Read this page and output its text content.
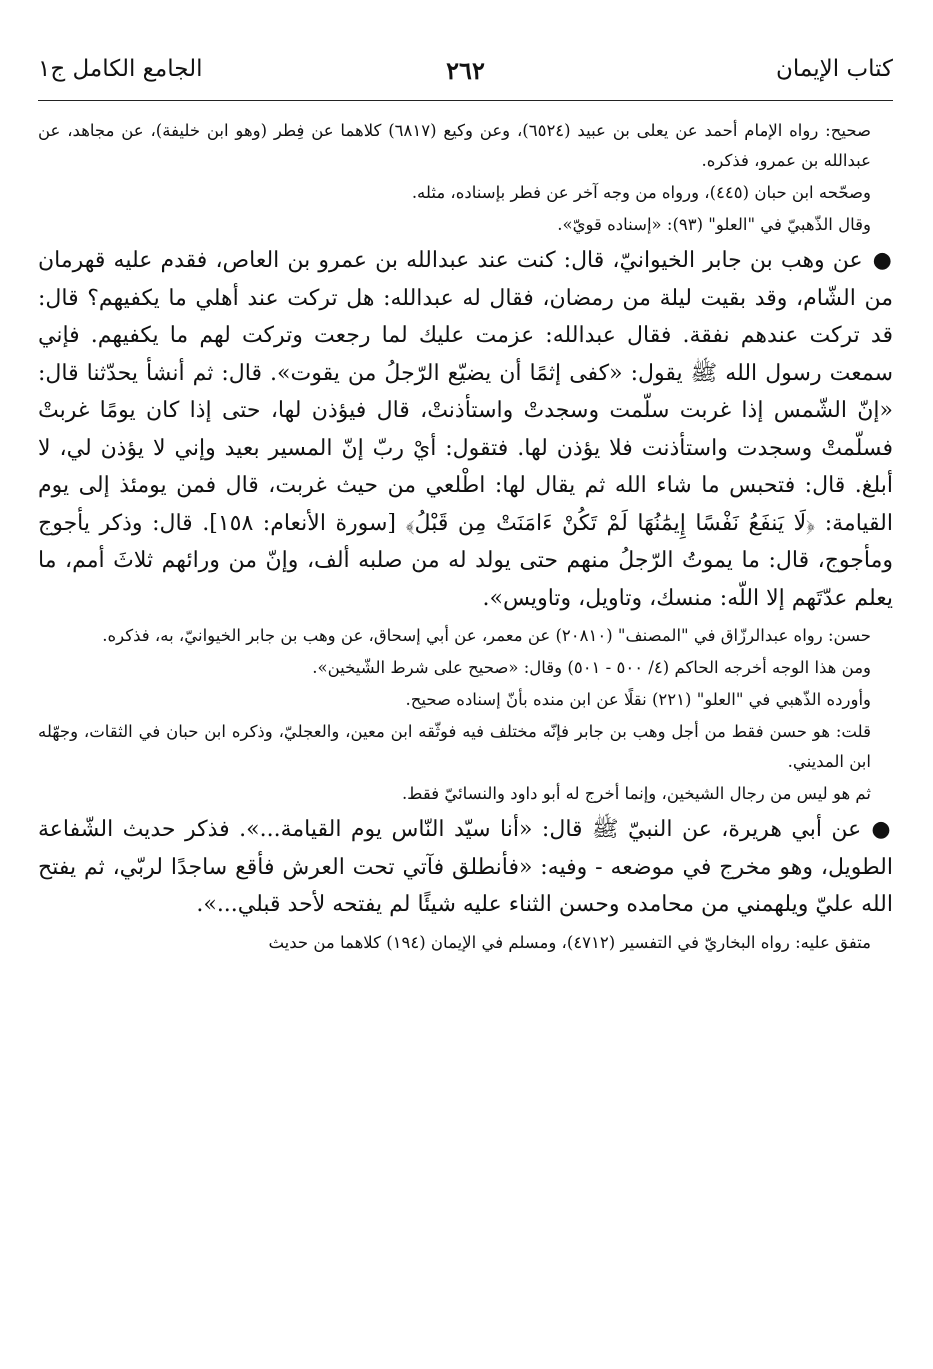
كتاب الإيمان
٢٦٢
الجامع الكامل ج١

صحيح: رواه الإمام أحمد عن يعلى بن عبيد (٦٥٢٤)، وعن وكيع (٦٨١٧) كلاهما عن فِطر (وهو ابن خليفة)، عن مجاهد، عن عبدالله بن عمرو، فذكره.

وصحّحه ابن حبان (٤٤٥)، ورواه من وجه آخر عن فطر بإسناده، مثله.

وقال الذّهبيّ في "العلو" (٩٣): «إسناده قويّ».

●عن وهب بن جابر الخيوانيّ، قال: كنت عند عبدالله بن عمرو بن العاص، فقدم عليه قهرمان من الشّام، وقد بقيت ليلة من رمضان، فقال له عبدالله: هل تركت عند أهلي ما يكفيهم؟ قال: قد تركت عندهم نفقة. فقال عبدالله: عزمت عليك لما رجعت وتركت لهم ما يكفيهم. فإني سمعت رسول الله ﷺ يقول: «كفى إثمًا أن يضيّع الرّجلُ من يقوت». قال: ثم أنشأ يحدّثنا قال: «إنّ الشّمس إذا غربت سلّمت وسجدتْ واستأذنتْ، قال فيؤذن لها، حتى إذا كان يومًا غربتْ فسلّمتْ وسجدت واستأذنت فلا يؤذن لها. فتقول: أيْ ربّ إنّ المسير بعيد وإني لا يؤذن لي، لا أبلغ. قال: فتحبس ما شاء الله ثم يقال لها: اطْلعي من حيث غربت، قال فمن يومئذ إلى يوم القيامة: ﴿لَا يَنفَعُ نَفْسًا إِيمَٰنُهَا لَمْ تَكُنْ ءَامَنَتْ مِن قَبْلُ﴾ [سورة الأنعام: ١٥٨]. قال: وذكر يأجوج ومأجوج، قال: ما يموتُ الرّجلُ منهم حتى يولد له من صلبه ألف، وإنّ من ورائهم ثلاثَ أمم، ما يعلم عدّتَهم إلا اللّه: منسك، وتاويل، وتاويس».

حسن: رواه عبدالرزّاق في "المصنف" (٢٠٨١٠) عن معمر، عن أبي إسحاق، عن وهب بن جابر الخيوانيّ، به، فذكره.

ومن هذا الوجه أخرجه الحاكم (٤/ ٥٠٠ - ٥٠١) وقال: «صحيح على شرط الشّيخين».

وأورده الذّهبي في "العلو" (٢٢١) نقلًا عن ابن منده بأنّ إسناده صحيح.

قلت: هو حسن فقط من أجل وهب بن جابر فإنّه مختلف فيه فوثّقه ابن معين، والعجليّ، وذكره ابن حبان في الثقات، وجهّله ابن المديني.

ثم هو ليس من رجال الشيخين، وإنما أخرج له أبو داود والنسائيّ فقط.

●عن أبي هريرة، عن النبيّ ﷺ قال: «أنا سيّد النّاس يوم القيامة...». فذكر حديث الشّفاعة الطويل، وهو مخرج في موضعه - وفيه: «فأنطلق فآتي تحت العرش فأقع ساجدًا لربّي، ثم يفتح الله عليّ ويلهمني من محامده وحسن الثناء عليه شيئًا لم يفتحه لأحد قبلي...».

متفق عليه: رواه البخاريّ في التفسير (٤٧١٢)، ومسلم في الإيمان (١٩٤) كلاهما من حديث
